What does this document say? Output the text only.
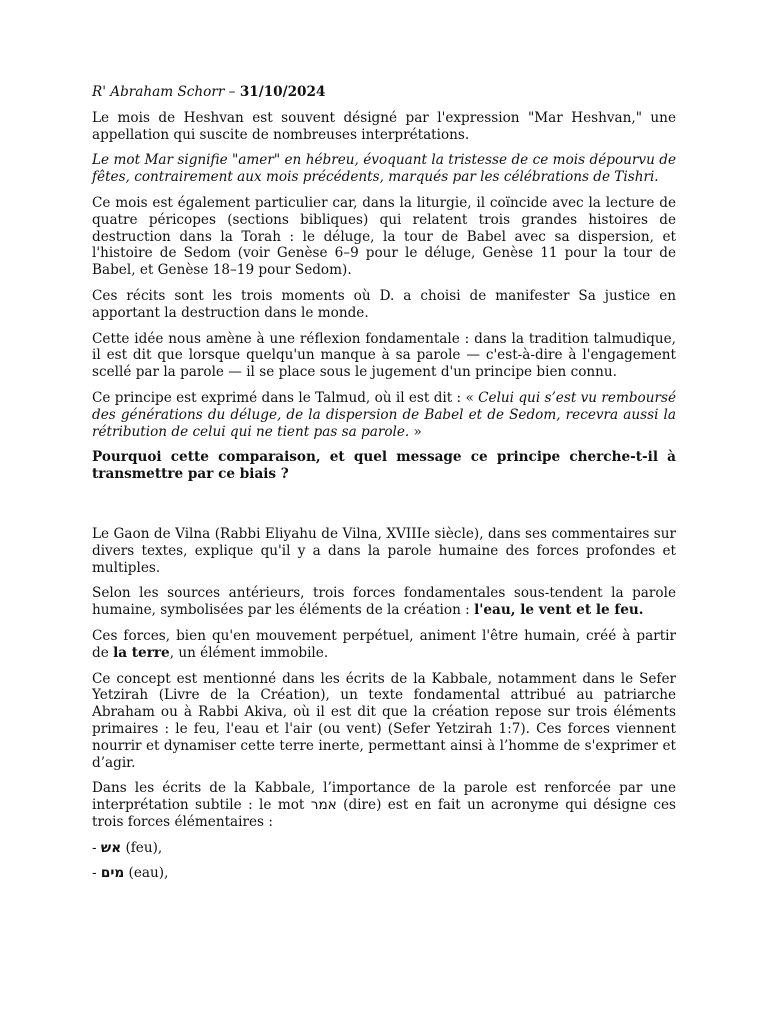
R' Abraham Schorr – 31/10/2024

Le mois de Heshvan est souvent désigné par l'expression "Mar Heshvan," une appellation qui suscite de nombreuses interprétations.

Le mot Mar signifie "amer" en hébreu, évoquant la tristesse de ce mois dépourvu de fêtes, contrairement aux mois précédents, marqués par les célébrations de Tishri.

Ce mois est également particulier car, dans la liturgie, il coïncide avec la lecture de quatre péricopes (sections bibliques) qui relatent trois grandes histoires de destruction dans la Torah : le déluge, la tour de Babel avec sa dispersion, et l'histoire de Sedom (voir Genèse 6–9 pour le déluge, Genèse 11 pour la tour de Babel, et Genèse 18–19 pour Sedom).

Ces récits sont les trois moments où D. a choisi de manifester Sa justice en apportant la destruction dans le monde.

Cette idée nous amène à une réflexion fondamentale : dans la tradition talmudique, il est dit que lorsque quelqu'un manque à sa parole — c'est-à-dire à l'engagement scellé par la parole — il se place sous le jugement d'un principe bien connu.

Ce principe est exprimé dans le Talmud, où il est dit : « Celui qui s’est vu remboursé des générations du déluge, de la dispersion de Babel et de Sedom, recevra aussi la rétribution de celui qui ne tient pas sa parole. »

Pourquoi cette comparaison, et quel message ce principe cherche-t-il à transmettre par ce biais ?

Le Gaon de Vilna (Rabbi Eliyahu de Vilna, XVIIIe siècle), dans ses commentaires sur divers textes, explique qu'il y a dans la parole humaine des forces profondes et multiples.

Selon les sources antérieurs, trois forces fondamentales sous-tendent la parole humaine, symbolisées par les éléments de la création : l'eau, le vent et le feu.

Ces forces, bien qu'en mouvement perpétuel, animent l'être humain, créé à partir de la terre, un élément immobile.

Ce concept est mentionné dans les écrits de la Kabbale, notamment dans le Sefer Yetzirah (Livre de la Création), un texte fondamental attribué au patriarche Abraham ou à Rabbi Akiva, où il est dit que la création repose sur trois éléments primaires : le feu, l'eau et l'air (ou vent) (Sefer Yetzirah 1:7). Ces forces viennent nourrir et dynamiser cette terre inerte, permettant ainsi à l’homme de s'exprimer et d’agir.

Dans les écrits de la Kabbale, l’importance de la parole est renforcée par une interprétation subtile : le mot אמר (dire) est en fait un acronyme qui désigne ces trois forces élémentaires :

- אש (feu),

- מים (eau),
